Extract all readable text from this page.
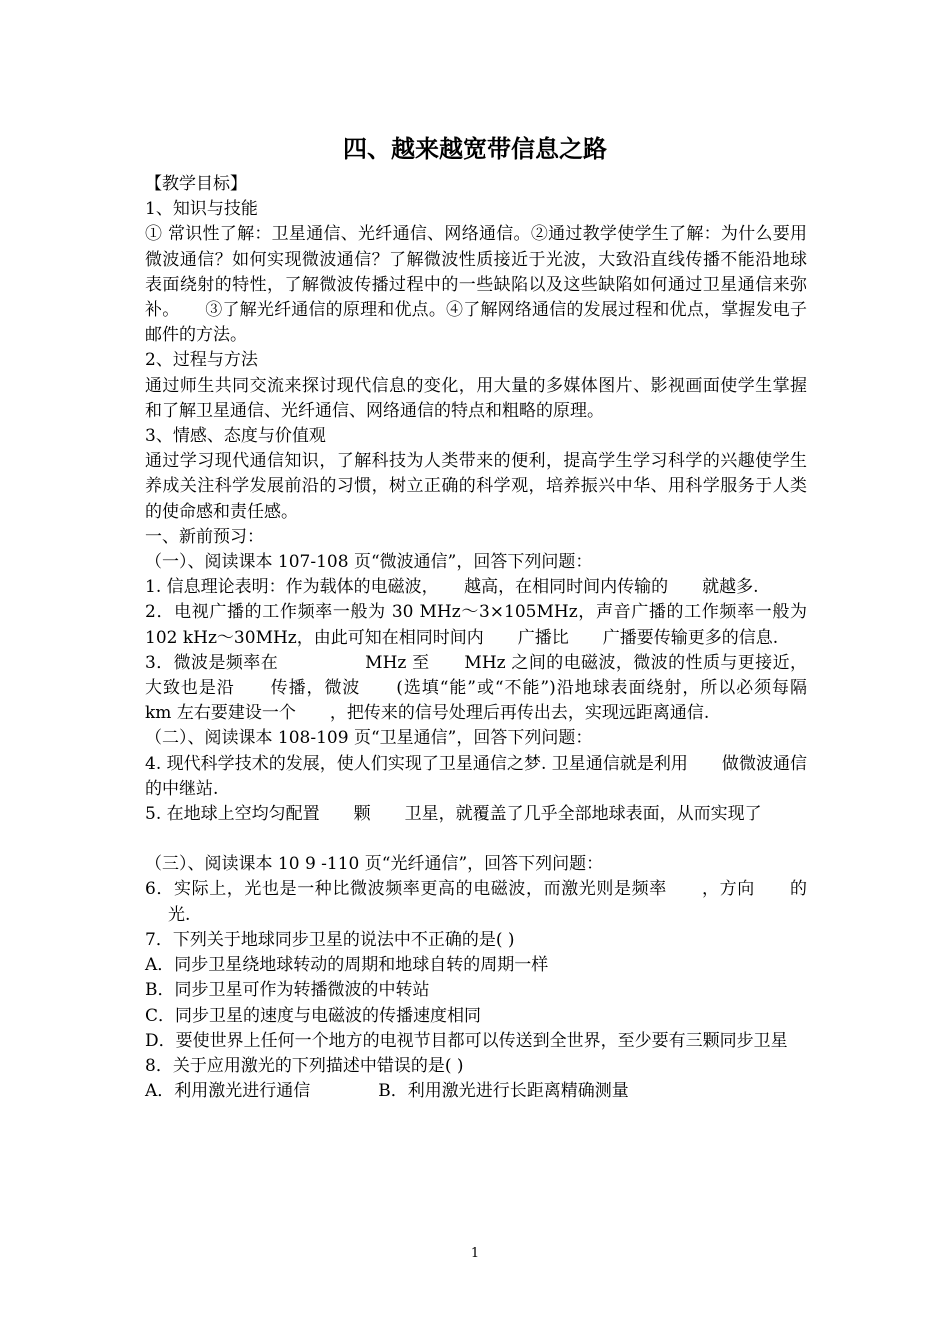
四、越来越宽带信息之路

【教学目标】

1、知识与技能

① 常识性了解：卫星通信、光纤通信、网络通信。②通过教学使学生了解：为什么要用微波通信？如何实现微波通信？了解微波性质接近于光波，大致沿直线传播不能沿地球表面绕射的特性，了解微波传播过程中的一些缺陷以及这些缺陷如何通过卫星通信来弥补。　　③了解光纤通信的原理和优点。④了解网络通信的发展过程和优点，掌握发电子邮件的方法。

2、过程与方法

通过师生共同交流来探讨现代信息的变化，用大量的多媒体图片、影视画面使学生掌握和了解卫星通信、光纤通信、网络通信的特点和粗略的原理。

3、情感、态度与价值观

通过学习现代通信知识，了解科技为人类带来的便利，提高学生学习科学的兴趣使学生养成关注科学发展前沿的习惯，树立正确的科学观，培养振兴中华、用科学服务于人类的使命感和责任感。

一、新前预习：

（一）、阅读课本 107-108 页“微波通信”，回答下列问题：

1. 信息理论表明：作为载体的电磁波，　　越高，在相同时间内传输的　　就越多.

2．电视广播的工作频率一般为 30 MHz～3×105MHz，声音广播的工作频率一般为 102 kHz～30MHz，由此可知在相同时间内　　广播比　　广播要传输更多的信息.

3．微波是频率在　　　　　MHz 至　　MHz 之间的电磁波，微波的性质与更接近，大致也是沿　　传播，微波　　(选填“能”或“不能”)沿地球表面绕射，所以必须每隔　　　km 左右要建设一个　　，把传来的信号处理后再传出去，实现远距离通信.

（二）、阅读课本 108-109 页“卫星通信”，回答下列问题：

4. 现代科学技术的发展，使人们实现了卫星通信之梦. 卫星通信就是利用　　做微波通信的中继站.

5. 在地球上空均匀配置　　颗　　卫星，就覆盖了几乎全部地球表面，从而实现了

（三）、阅读课本 10 9 -110 页“光纤通信”，回答下列问题：

6．实际上，光也是一种比微波频率更高的电磁波，而激光则是频率　　，方向　　的光.

7．下列关于地球同步卫星的说法中不正确的是( )

A．同步卫星绕地球转动的周期和地球自转的周期一样

B．同步卫星可作为转播微波的中转站

C．同步卫星的速度与电磁波的传播速度相同

D．要使世界上任何一个地方的电视节目都可以传送到全世界，至少要有三颗同步卫星

8．关于应用激光的下列描述中错误的是( )

A．利用激光进行通信　　　　B．利用激光进行长距离精确测量

1
